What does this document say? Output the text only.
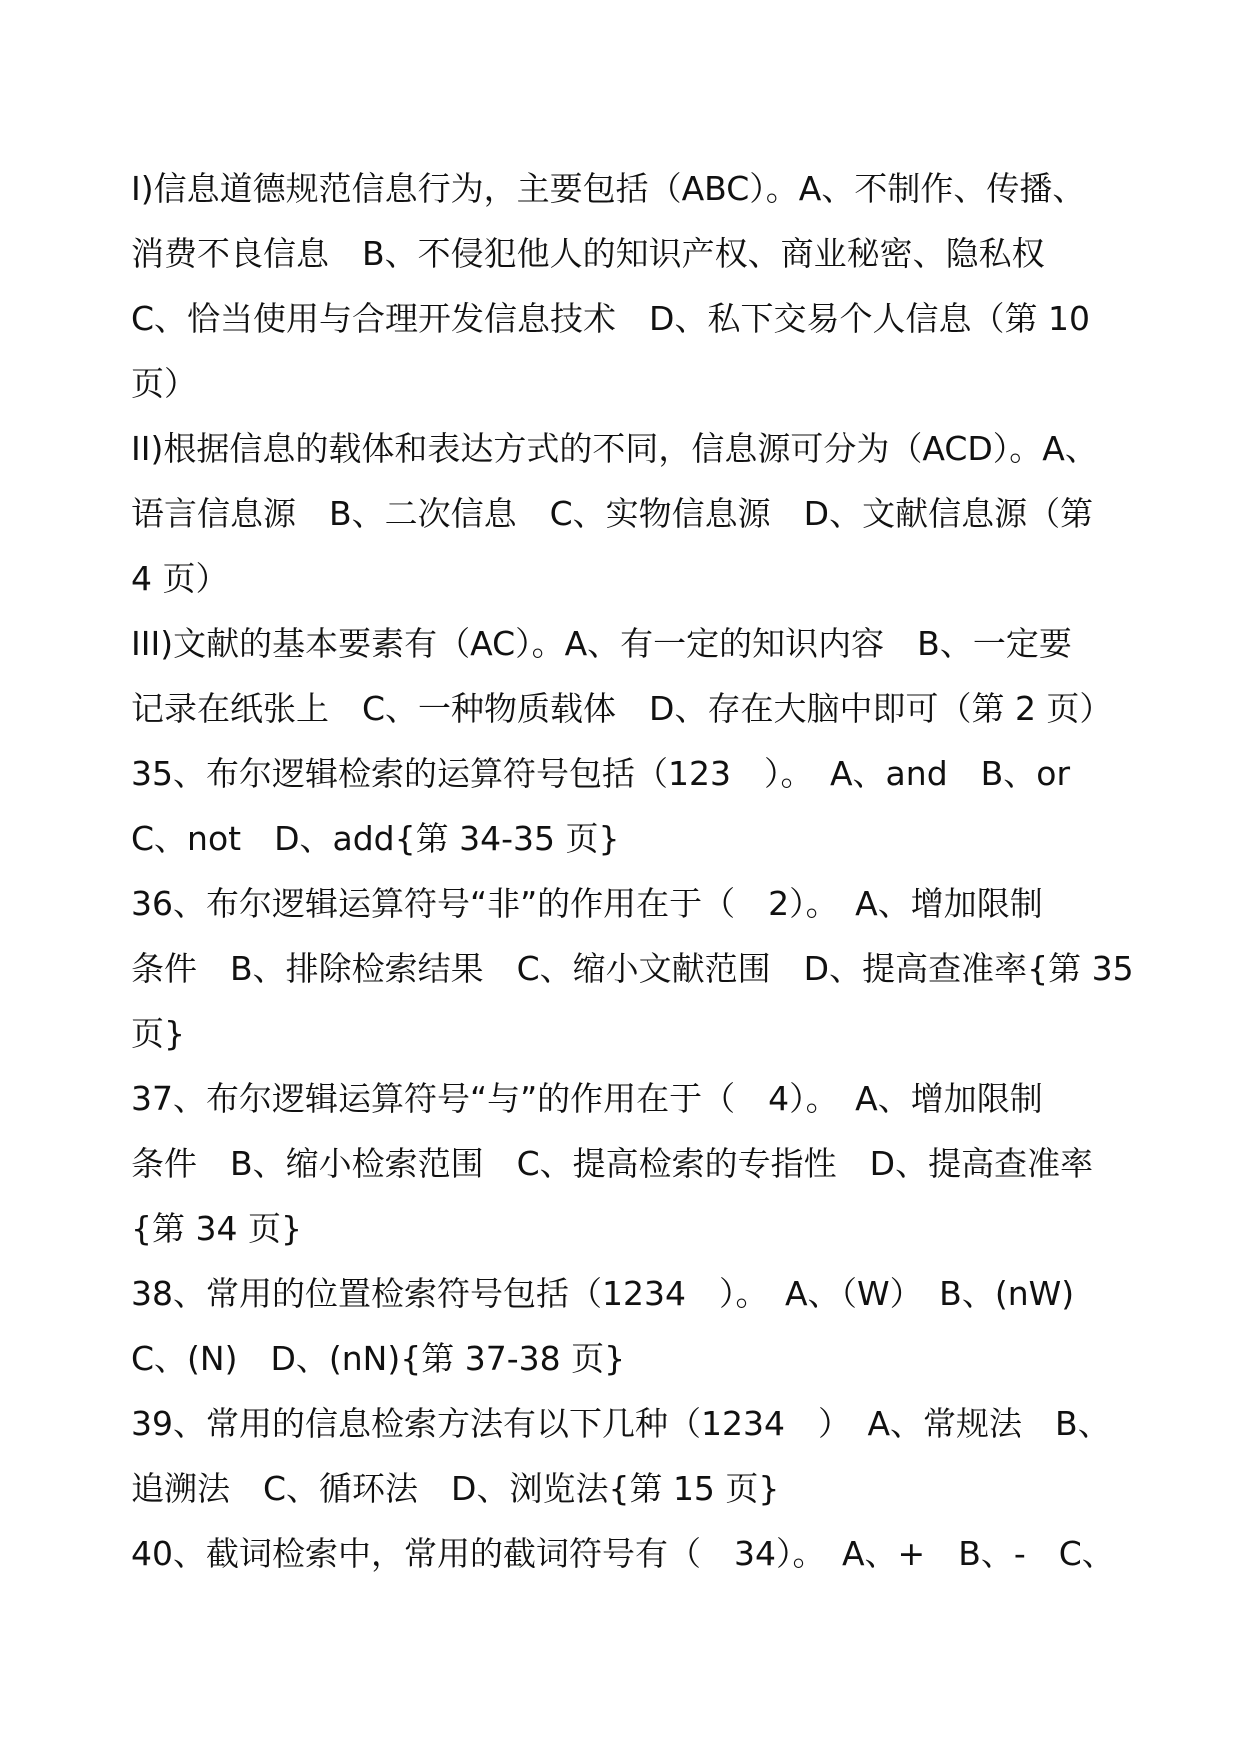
I)信息道德规范信息行为，主要包括（ABC）。A、不制作、传播、
消费不良信息　B、不侵犯他人的知识产权、商业秘密、隐私权
C、恰当使用与合理开发信息技术　D、私下交易个人信息（第 10
页）
II)根据信息的载体和表达方式的不同，信息源可分为（ACD）。A、
语言信息源　B、二次信息　C、实物信息源　D、文献信息源（第
4 页）
III)文献的基本要素有（AC）。A、有一定的知识内容　B、一定要
记录在纸张上　C、一种物质载体　D、存在大脑中即可（第 2 页）
35、布尔逻辑检索的运算符号包括（123　）。　A、and　B、or
C、not　D、add{第 34-35 页}
36、布尔逻辑运算符号“非”的作用在于（　2）。　A、增加限制
条件　B、排除检索结果　C、缩小文献范围　D、提高查准率{第 35
页}
37、布尔逻辑运算符号“与”的作用在于（　4）。　A、增加限制
条件　B、缩小检索范围　C、提高检索的专指性　D、提高查准率
{第 34 页}
38、常用的位置检索符号包括（1234　）。　A、（W）　B、(nW)
C、(N)　D、(nN){第 37-38 页}
39、常用的信息检索方法有以下几种（1234　）　A、常规法　B、
追溯法　C、循环法　D、浏览法{第 15 页}
40、截词检索中，常用的截词符号有（　34）。　A、+　B、-　C、
